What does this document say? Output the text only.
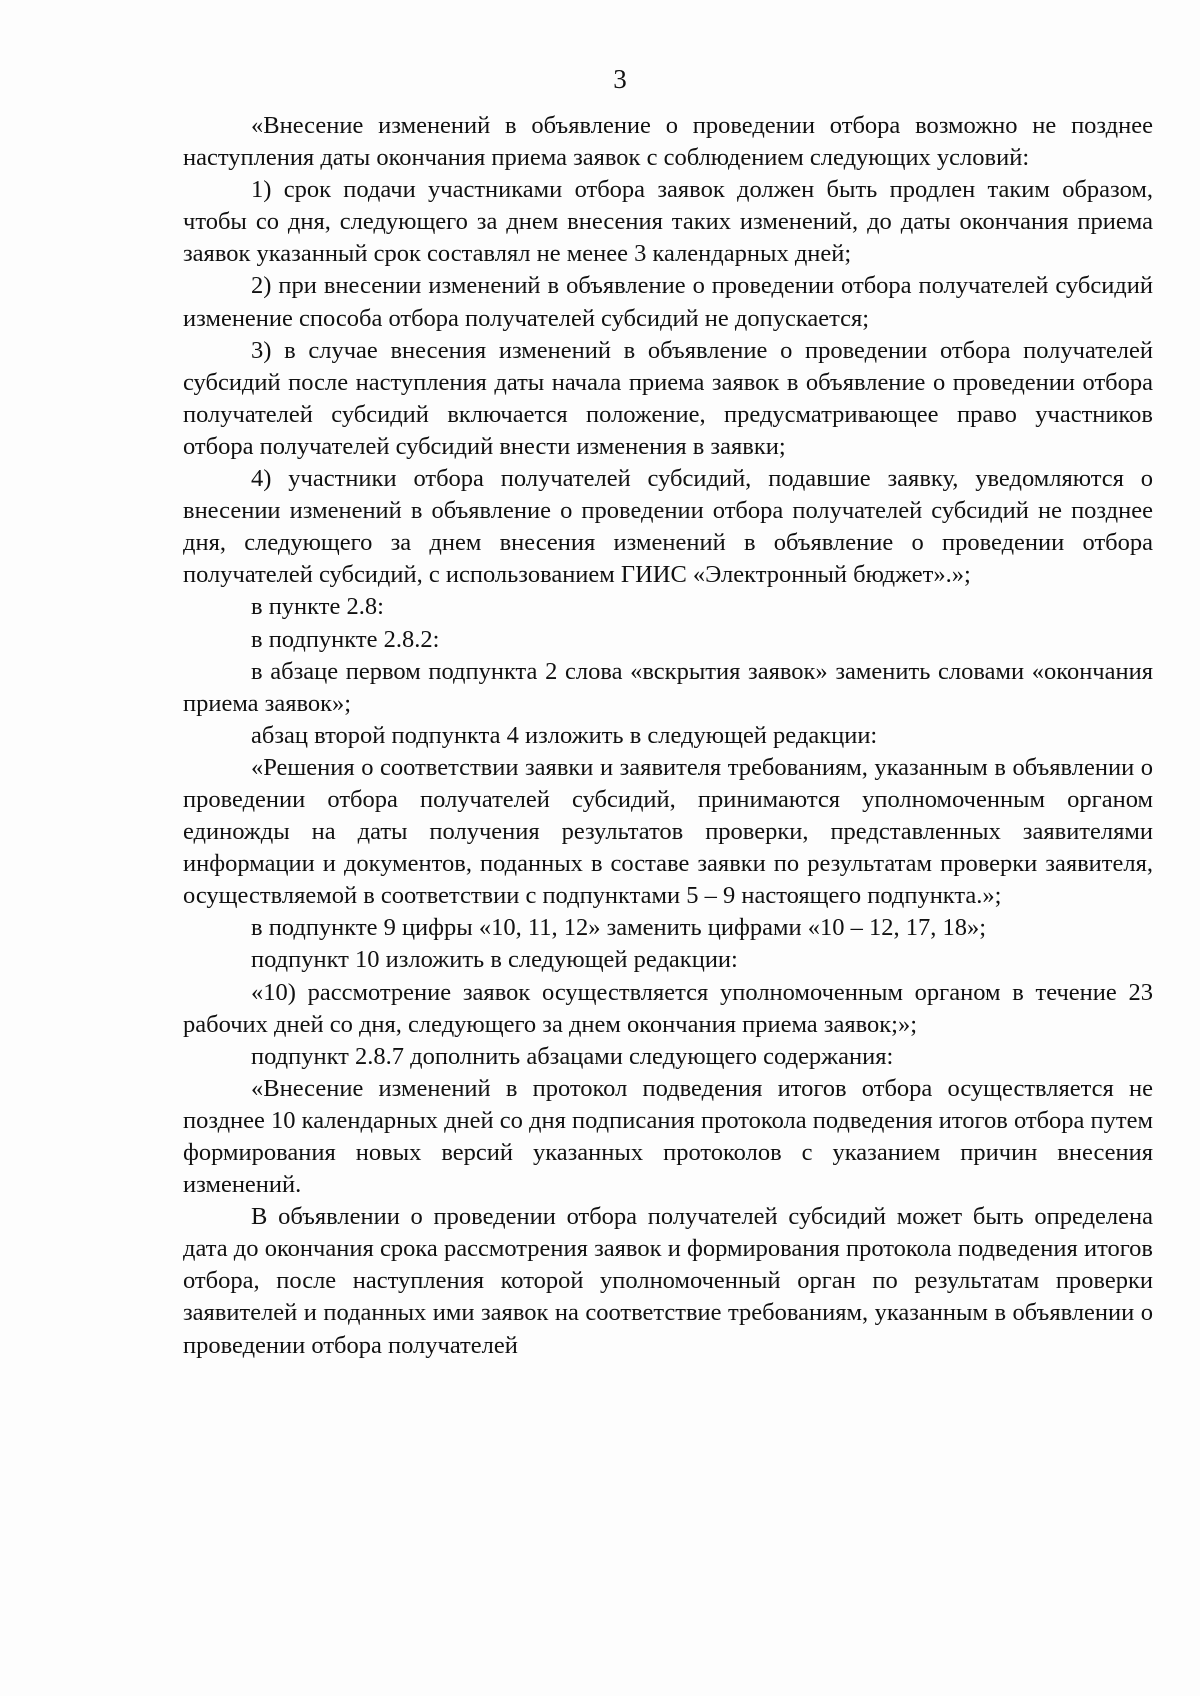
3

«Внесение изменений в объявление о проведении отбора возможно не позднее наступления даты окончания приема заявок с соблюдением следующих условий:

1) срок подачи участниками отбора заявок должен быть продлен таким образом, чтобы со дня, следующего за днем внесения таких изменений, до даты окончания приема заявок указанный срок составлял не менее 3 календарных дней;

2) при внесении изменений в объявление о проведении отбора получателей субсидий изменение способа отбора получателей субсидий не допускается;

3) в случае внесения изменений в объявление о проведении отбора получателей субсидий после наступления даты начала приема заявок в объявление о проведении отбора получателей субсидий включается положение, предусматривающее право участников отбора получателей субсидий внести изменения в заявки;

4) участники отбора получателей субсидий, подавшие заявку, уведомляются о внесении изменений в объявление о проведении отбора получателей субсидий не позднее дня, следующего за днем внесения изменений в объявление о проведении отбора получателей субсидий, с использованием ГИИС «Электронный бюджет».»;

в пункте 2.8:

в подпункте 2.8.2:

в абзаце первом подпункта 2 слова «вскрытия заявок» заменить словами «окончания приема заявок»;

абзац второй подпункта 4 изложить в следующей редакции:

«Решения о соответствии заявки и заявителя требованиям, указанным в объявлении о проведении отбора получателей субсидий, принимаются уполномоченным органом единожды на даты получения результатов проверки, представленных заявителями информации и документов, поданных в составе заявки по результатам проверки заявителя, осуществляемой в соответствии с подпунктами 5 – 9 настоящего подпункта.»;

в подпункте 9 цифры «10, 11, 12» заменить цифрами «10 – 12, 17, 18»;

подпункт 10 изложить в следующей редакции:

«10) рассмотрение заявок осуществляется уполномоченным органом в течение 23 рабочих дней со дня, следующего за днем окончания приема заявок;»;

подпункт 2.8.7 дополнить абзацами следующего содержания:

«Внесение изменений в протокол подведения итогов отбора осуществляется не позднее 10 календарных дней со дня подписания протокола подведения итогов отбора путем формирования новых версий указанных протоколов с указанием причин внесения изменений.

В объявлении о проведении отбора получателей субсидий может быть определена дата до окончания срока рассмотрения заявок и формирования протокола подведения итогов отбора, после наступления которой уполномоченный орган по результатам проверки заявителей и поданных ими заявок на соответствие требованиям, указанным в объявлении о проведении отбора получателей
